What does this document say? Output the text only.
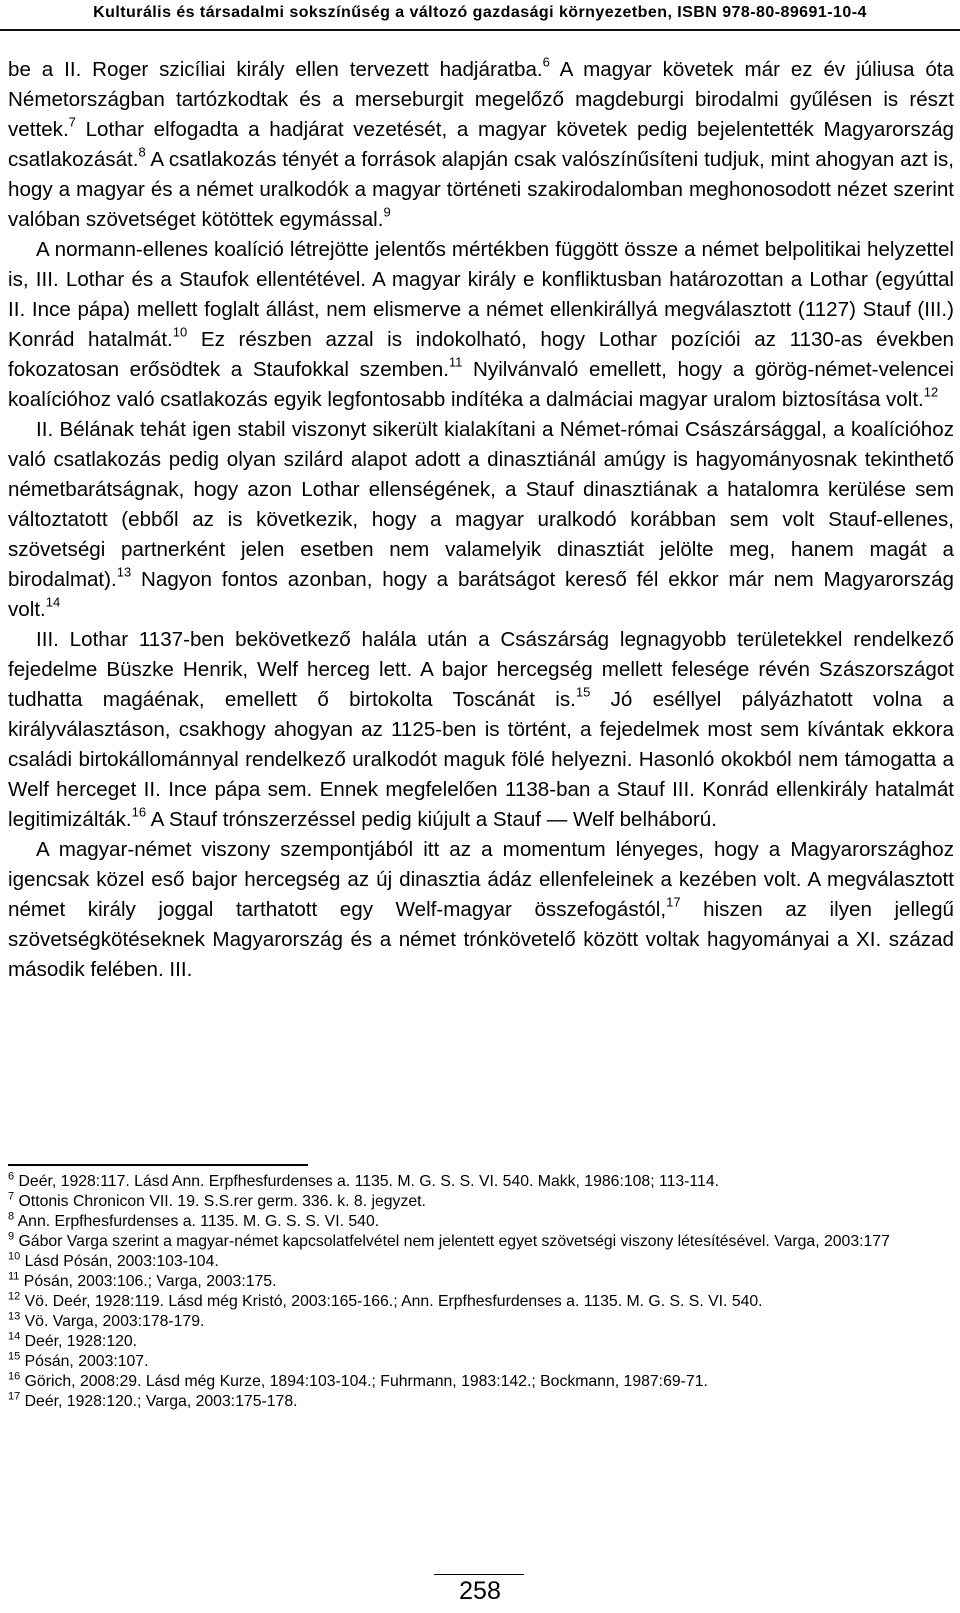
Kulturális és társadalmi sokszínűség a változó gazdasági környezetben, ISBN 978-80-89691-10-4

be a II. Roger szicíliai király ellen tervezett hadjáratba.$^6$ A magyar követek már ez év júliusa óta Németországban tartózkodtak és a merseburgit megelőző magdeburgi birodalmi gyűlésen is részt vettek.$^7$ Lothar elfogadta a hadjárat vezetését, a magyar követek pedig bejelentették Magyarország csatlakozását.$^8$ A csatlakozás tényét a források alapján csak valószínűsíteni tudjuk, mint ahogyan azt is, hogy a magyar és a német uralkodók a magyar történeti szakirodalomban meghonosodott nézet szerint valóban szövetséget kötöttek egymással.$^9$

A normann-ellenes koalíció létrejötte jelentős mértékben függött össze a német belpolitikai helyzettel is, III. Lothar és a Staufok ellentétével. A magyar király e konfliktusban határozottan a Lothar (egyúttal II. Ince pápa) mellett foglalt állást, nem elismerve a német ellenkirállyá megválasztott (1127) Stauf (III.) Konrád hatalmát.$^{10}$ Ez részben azzal is indokolható, hogy Lothar pozíciói az 1130-as években fokozatosan erősödtek a Staufokkal szemben.$^{11}$ Nyilvánvaló emellett, hogy a görög-német-velencei koalícióhoz való csatlakozás egyik legfontosabb indítéka a dalmáciai magyar uralom biztosítása volt.$^{12}$

II. Bélának tehát igen stabil viszonyt sikerült kialakítani a Német-római Császársággal, a koalícióhoz való csatlakozás pedig olyan szilárd alapot adott a dinasztiánál amúgy is hagyományosnak tekinthető németbarátságnak, hogy azon Lothar ellenségének, a Stauf dinasztiának a hatalomra kerülése sem változtatott (ebből az is következik, hogy a magyar uralkodó korábban sem volt Stauf-ellenes, szövetségi partnerként jelen esetben nem valamelyik dinasztiát jelölte meg, hanem magát a birodalmat).$^{13}$ Nagyon fontos azonban, hogy a barátságot kereső fél ekkor már nem Magyarország volt.$^{14}$

III. Lothar 1137-ben bekövetkező halála után a Császárság legnagyobb területekkel rendelkező fejedelme Büszke Henrik, Welf herceg lett. A bajor hercegség mellett felesége révén Szászországot tudhatta magáénak, emellett ő birtokolta Toscánát is.$^{15}$ Jó eséllyel pályázhatott volna a királyválasztáson, csakhogy ahogyan az 1125-ben is történt, a fejedelmek most sem kívántak ekkora családi birtokállománnyal rendelkező uralkodót maguk fölé helyezni. Hasonló okokból nem támogatta a Welf herceget II. Ince pápa sem. Ennek megfelelően 1138-ban a Stauf III. Konrád ellenkirály hatalmát legitimizálták.$^{16}$ A Stauf trónszerzéssel pedig kiújult a Stauf — Welf belháború.

A magyar-német viszony szempontjából itt az a momentum lényeges, hogy a Magyarországhoz igencsak közel eső bajor hercegség az új dinasztia ádáz ellenfeleinek a kezében volt. A megválasztott német király joggal tarthatott egy Welf-magyar összefogástól,$^{17}$ hiszen az ilyen jellegű szövetségkötéseknek Magyarország és a német trónkövetelő között voltak hagyományai a XI. század második felében. III.

$^6$ Deér, 1928:117. Lásd Ann. Erpfhesfurdenses a. 1135. M. G. S. S. VI. 540. Makk, 1986:108; 113-114.
$^7$ Ottonis Chronicon VII. 19. S.S.rer germ. 336. k. 8. jegyzet.
$^8$ Ann. Erpfhesfurdenses a. 1135. M. G. S. S. VI. 540.
$^9$ Gábor Varga szerint a magyar-német kapcsolatfelvétel nem jelentett egyet szövetségi viszony létesítésével. Varga, 2003:177
$^{10}$ Lásd Pósán, 2003:103-104.
$^{11}$ Pósán, 2003:106.; Varga, 2003:175.
$^{12}$ Vö. Deér, 1928:119. Lásd még Kristó, 2003:165-166.; Ann. Erpfhesfurdenses a. 1135. M. G. S. S. VI. 540.
$^{13}$ Vö. Varga, 2003:178-179.
$^{14}$ Deér, 1928:120.
$^{15}$ Pósán, 2003:107.
$^{16}$ Görich, 2008:29. Lásd még Kurze, 1894:103-104.; Fuhrmann, 1983:142.; Bockmann, 1987:69-71.
$^{17}$ Deér, 1928:120.; Varga, 2003:175-178.
258
